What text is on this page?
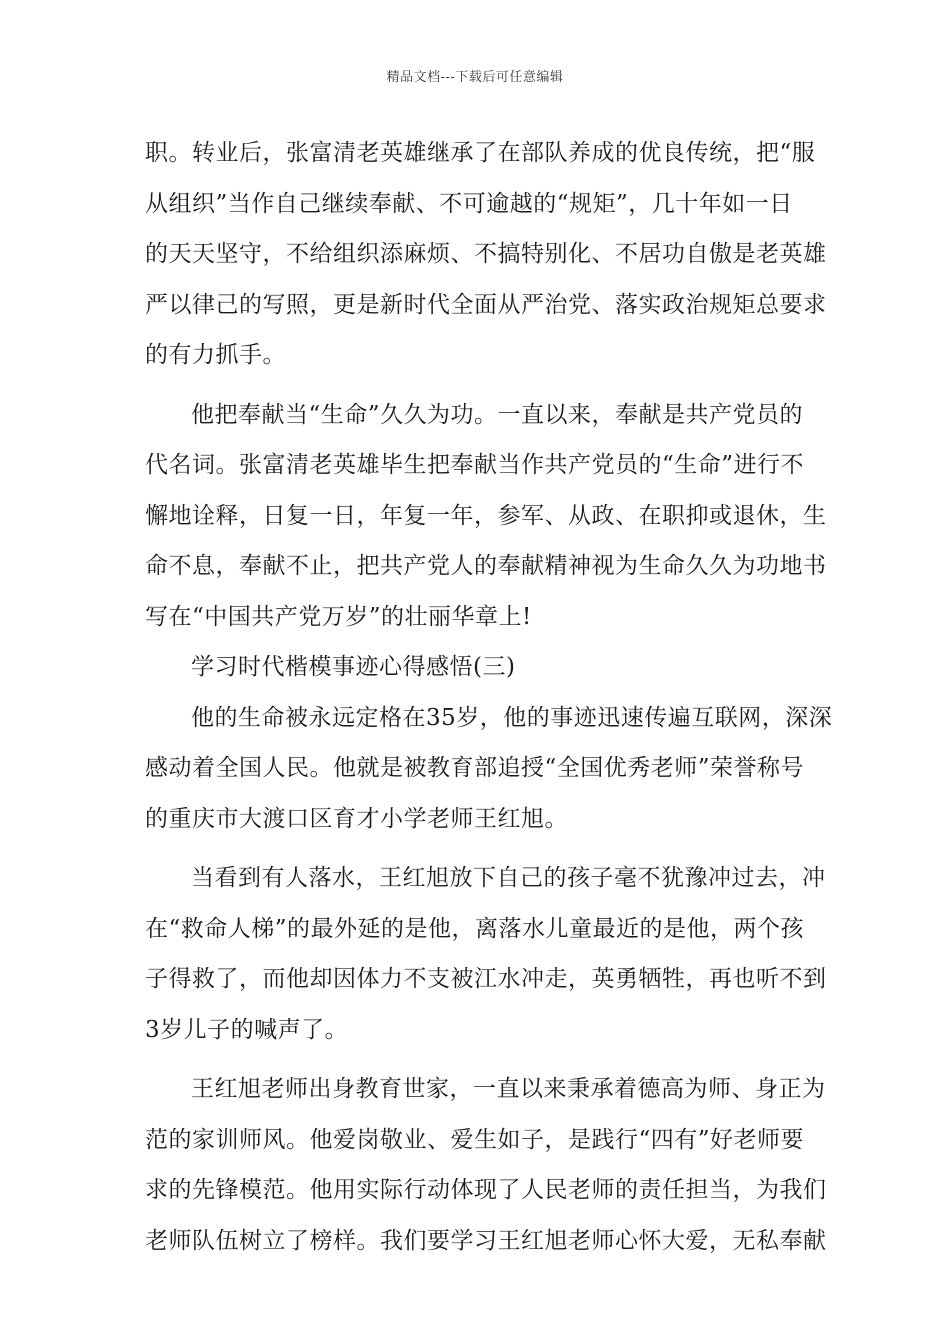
精品文档---下载后可任意编辑
职。转业后，张富清老英雄继承了在部队养成的优良传统，把“服
从组织”当作自己继续奉献、不可逾越的“规矩”，几十年如一日
的天天坚守，不给组织添麻烦、不搞特别化、不居功自傲是老英雄
严以律己的写照，更是新时代全面从严治党、落实政治规矩总要求
的有力抓手。
他把奉献当“生命”久久为功。一直以来，奉献是共产党员的
代名词。张富清老英雄毕生把奉献当作共产党员的“生命”进行不
懈地诠释，日复一日，年复一年，参军、从政、在职抑或退休，生
命不息，奉献不止，把共产党人的奉献精神视为生命久久为功地书
写在“中国共产党万岁”的壮丽华章上!
学习时代楷模事迹心得感悟(三)
他的生命被永远定格在35岁，他的事迹迅速传遍互联网，深深
感动着全国人民。他就是被教育部追授“全国优秀老师”荣誉称号
的重庆市大渡口区育才小学老师王红旭。
当看到有人落水，王红旭放下自己的孩子毫不犹豫冲过去，冲
在“救命人梯”的最外延的是他，离落水儿童最近的是他，两个孩
子得救了，而他却因体力不支被江水冲走，英勇牺牲，再也听不到
3岁儿子的喊声了。
王红旭老师出身教育世家，一直以来秉承着德高为师、身正为
范的家训师风。他爱岗敬业、爱生如子，是践行“四有”好老师要
求的先锋模范。他用实际行动体现了人民老师的责任担当，为我们
老师队伍树立了榜样。我们要学习王红旭老师心怀大爱，无私奉献
